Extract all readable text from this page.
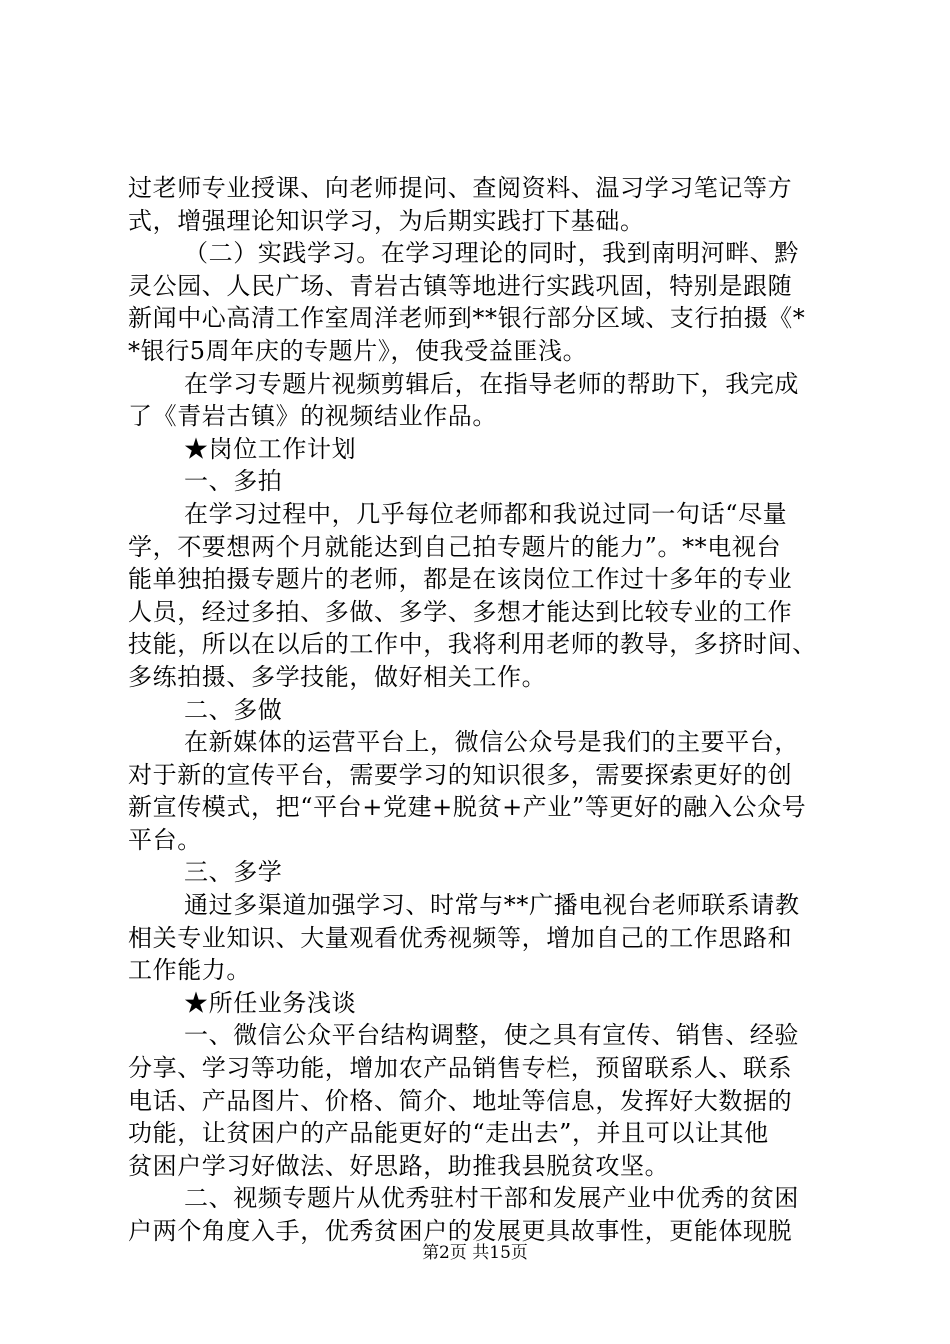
过老师专业授课、向老师提问、查阅资料、温习学习笔记等方
式，增强理论知识学习，为后期实践打下基础。
（二）实践学习。在学习理论的同时，我到南明河畔、黔
灵公园、人民广场、青岩古镇等地进行实践巩固，特别是跟随
新闻中心高清工作室周洋老师到**银行部分区域、支行拍摄《*
*银行5周年庆的专题片》，使我受益匪浅。
在学习专题片视频剪辑后，在指导老师的帮助下，我完成
了《青岩古镇》的视频结业作品。
★岗位工作计划
一、多拍
在学习过程中，几乎每位老师都和我说过同一句话“尽量
学，不要想两个月就能达到自己拍专题片的能力”。**电视台
能单独拍摄专题片的老师，都是在该岗位工作过十多年的专业
人员，经过多拍、多做、多学、多想才能达到比较专业的工作
技能，所以在以后的工作中，我将利用老师的教导，多挤时间、
多练拍摄、多学技能，做好相关工作。
二、多做
在新媒体的运营平台上，微信公众号是我们的主要平台，
对于新的宣传平台，需要学习的知识很多，需要探索更好的创
新宣传模式，把“平台+党建+脱贫+产业”等更好的融入公众号
平台。
三、多学
通过多渠道加强学习、时常与**广播电视台老师联系请教
相关专业知识、大量观看优秀视频等，增加自己的工作思路和
工作能力。
★所任业务浅谈
一、微信公众平台结构调整，使之具有宣传、销售、经验
分享、学习等功能，增加农产品销售专栏，预留联系人、联系
电话、产品图片、价格、简介、地址等信息，发挥好大数据的
功能，让贫困户的产品能更好的“走出去”，并且可以让其他
贫困户学习好做法、好思路，助推我县脱贫攻坚。
二、视频专题片从优秀驻村干部和发展产业中优秀的贫困
户两个角度入手，优秀贫困户的发展更具故事性，更能体现脱
第2页 共15页
